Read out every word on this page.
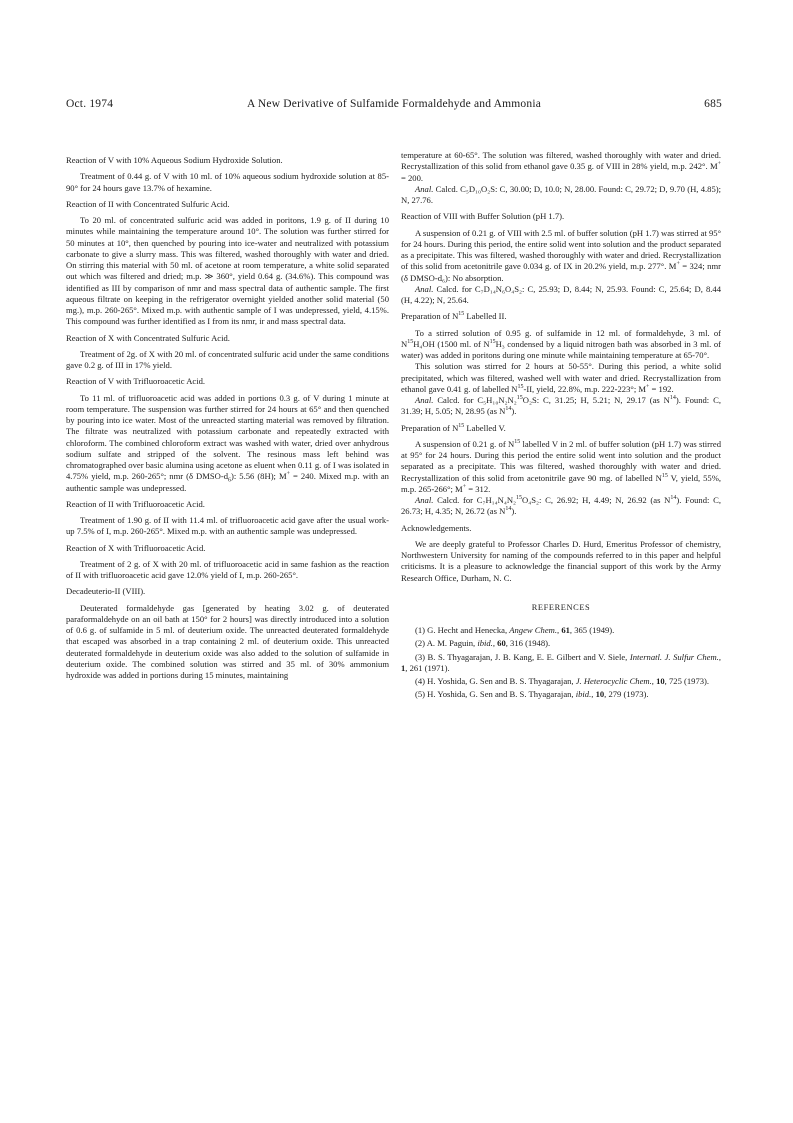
Oct. 1974	A New Derivative of Sulfamide Formaldehyde and Ammonia	685

Reaction of V with 10% Aqueous Sodium Hydroxide Solution.

Treatment of 0.44 g. of V with 10 ml. of 10% aqueous sodium hydroxide solution at 85-90° for 24 hours gave 13.7% of hexamine.

Reaction of II with Concentrated Sulfuric Acid.

To 20 ml. of concentrated sulfuric acid was added in poritons, 1.9 g. of II during 10 minutes while maintaining the temperature around 10°. The solution was further stirred for 50 minutes at 10°, then quenched by pouring into ice-water and neutralized with potassium carbonate to give a slurry mass. This was filtered, washed thoroughly with water and dried. On stirring this material with 50 ml. of acetone at room temperature, a white solid separated out which was filtered and dried; m.p. ≫ 360°, yield 0.64 g. (34.6%). This compound was identified as III by comparison of nmr and mass spectral data of authentic sample. The first aqueous filtrate on keeping in the refrigerator overnight yielded another solid material (50 mg.), m.p. 260-265°. Mixed m.p. with authentic sample of I was undepressed, yield, 4.15%. This compound was further identified as I from its nmr, ir and mass spectral data.

Reaction of X with Concentrated Sulfuric Acid.

Treatment of 2g. of X with 20 ml. of concentrated sulfuric acid under the same conditions gave 0.2 g. of III in 17% yield.

Reaction of V with Trifluoroacetic Acid.

To 11 ml. of trifluoroacetic acid was added in portions 0.3 g. of V during 1 minute at room temperature. The suspension was further stirred for 24 hours at 65° and then quenched by pouring into ice water. Most of the unreacted starting material was removed by filtration. The filtrate was neutralized with potassium carbonate and repeatedly extracted with chloroform. The combined chloroform extract was washed with water, dried over anhydrous sodium sulfate and stripped of the solvent. The resinous mass left behind was chromatographed over basic alumina using acetone as eluent when 0.11 g. of I was isolated in 4.75% yield, m.p. 260-265°; nmr (δ DMSO-$d_6$): 5.56 (8H); M+ = 240. Mixed m.p. with an authentic sample was undepressed.

Reaction of II with Trifluoroacetic Acid.

Treatment of 1.90 g. of II with 11.4 ml. of trifluoroacetic acid gave after the usual work-up 7.5% of I, m.p. 260-265°. Mixed m.p. with an authentic sample was undepressed.

Reaction of X with Trifluoroacetic Acid.

Treatment of 2 g. of X with 20 ml. of trifluoroacetic acid in same fashion as the reaction of II with trifluoroacetic acid gave 12.0% yield of I, m.p. 260-265°.

Decadeuterio-II (VIII).

Deuterated formaldehyde gas [generated by heating 3.02 g. of deuterated paraformaldehyde on an oil bath at 150° for 2 hours] was directly introduced into a solution of 0.6 g. of sulfamide in 5 ml. of deuterium oxide. The unreacted deuterated formaldehyde that escaped was absorbed in a trap containing 2 ml. of deuterium oxide. This unreacted deuterated formaldehyde in deuterium oxide was also added to the solution of sulfamide in deuterium oxide. The combined solution was stirred and 35 ml. of 30% ammonium hydroxide was added in portions during 15 minutes, maintaining

temperature at 60-65°. The solution was filtered, washed thoroughly with water and dried. Recrystallization of this solid from ethanol gave 0.35 g. of VIII in 28% yield, m.p. 242°. M+ = 200.

Anal. Calcd. C₅D₁₀O₂S: C, 30.00; D, 10.0; N, 28.00. Found: C, 29.72; D, 9.70 (H, 4.85); N, 27.76.

Reaction of VIII with Buffer Solution (pH 1.7).

A suspension of 0.21 g. of VIII with 2.5 ml. of buffer solution (pH 1.7) was stirred at 95° for 24 hours. During this period, the entire solid went into solution and the product separated as a precipitate. This was filtered, washed thoroughly with water and dried. Recrystallization of this solid from acetonitrile gave 0.034 g. of IX in 20.2% yield, m.p. 277°. M+ = 324; nmr (δ DMSO-d₆): No absorption.

Anal. Calcd. for C₇D₁₄N₆O₄S₂: C, 25.93; D, 8.44; N, 25.93. Found: C, 25.64; D, 8.44 (H, 4.22); N, 25.64.

Preparation of $N^{15}$ Labelled II.

To a stirred solution of 0.95 g. of sulfamide in 12 ml. of formaldehyde, 3 ml. of $N^{15}H_4OH$ (1500 ml. of $N^{15}H_3$ condensed by a liquid nitrogen bath was absorbed in 3 ml. of water) was added in poritons during one minute while maintaining temperature at 65-70°.

This solution was stirred for 2 hours at 50-55°. During this period, a white solid precipitated, which was filtered, washed well with water and dried. Recrystallization from ethanol gave 0.41 g. of labelled $N^{15}-II$, yield, 22.8%, m.p. 222-223°; M+ = 192.

Anal. Calcd. for C₅H₁₀N₂N₂$^{15}$O₂S: C, 31.25; H, 5.21; N, 29.17 (as $N^{14}$). Found: C, 31.39; H, 5.05; N, 28.95 (as $N^{14}$).

Preparation of $N^{15}$ Labelled V.

A suspension of 0.21 g. of $N^{15}$ labelled V in 2 ml. of buffer solution (pH 1.7) was stirred at 95° for 24 hours. During this period the entire solid went into solution and the product separated as a precipitate. This was filtered, washed thoroughly with water and dried. Recrystallization of this solid from acetonitrile gave 90 mg. of labelled $N^{15}$ V, yield, 55%, m.p. 265-266°; M+ = 312.

Anal. Calcd. for C₇H₁₄N₄N₂$^{15}$O₄S₂: C, 26.92; H, 4.49; N, 26.92 (as $N^{14}$). Found: C, 26.73; H, 4.35; N, 26.72 (as $N^{14}$).

Acknowledgements.

We are deeply grateful to Professor Charles D. Hurd, Emeritus Professor of chemistry, Northwestern University for naming of the compounds referred to in this paper and helpful criticisms. It is a pleasure to acknowledge the financial support of this work by the Army Research Office, Durham, N. C.

REFERENCES

(1) G. Hecht and Henecka, Angew Chem., 61, 365 (1949).

(2) A. M. Paguin, ibid., 60, 316 (1948).

(3) B. S. Thyagarajan, J. B. Kang, E. E. Gilbert and V. Siele, Internatl. J. Sulfur Chem., 1, 261 (1971).

(4) H. Yoshida, G. Sen and B. S. Thyagarajan, J. Heterocyclic Chem., 10, 725 (1973).

(5) H. Yoshida, G. Sen and B. S. Thyagarajan, ibid., 10, 279 (1973).
